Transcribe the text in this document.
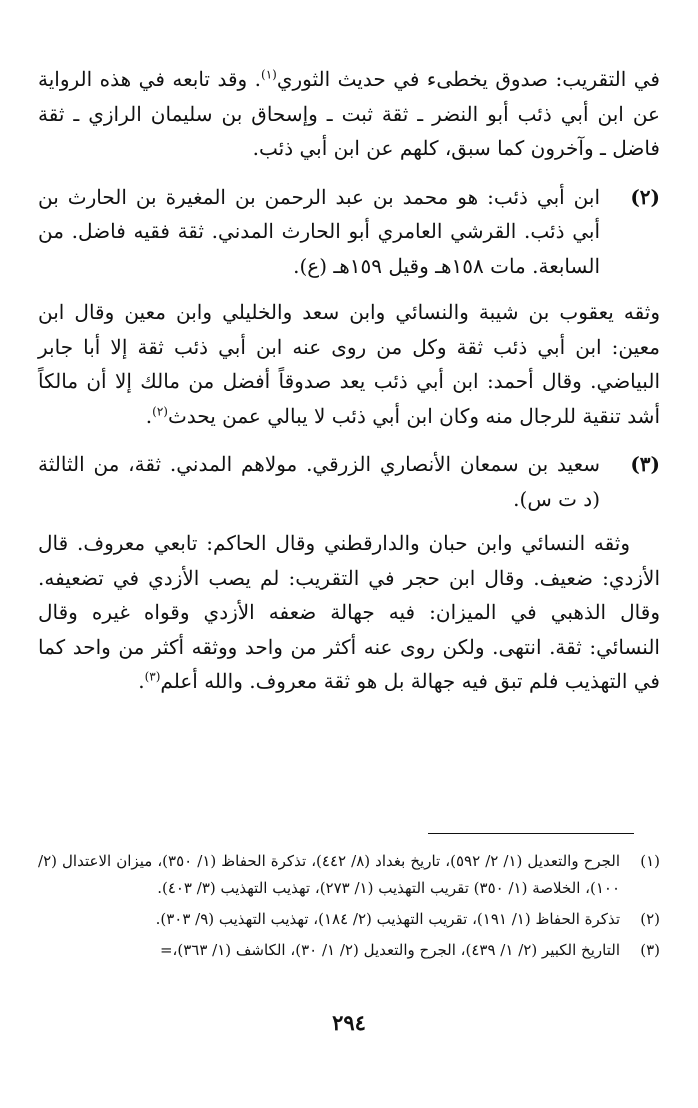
في التقريب: صدوق يخطىء في حديث الثوري$^{(١)}$. وقد تابعه في هذه الرواية عن ابن أبي ذئب أبو النضر ـ ثقة ثبت ـ وإسحاق بن سليمان الرازي ـ ثقة فاضل ـ وآخرون كما سبق، كلهم عن ابن أبي ذئب.

(٢)

ابن أبي ذئب: هو محمد بن عبد الرحمن بن المغيرة بن الحارث بن أبي ذئب. القرشي العامري أبو الحارث المدني. ثقة فقيه فاضل. من السابعة. مات ١٥٨هـ وقيل ١٥٩هـ (ع).

وثقه يعقوب بن شيبة والنسائي وابن سعد والخليلي وابن معين وقال ابن معين: ابن أبي ذئب ثقة وكل من روى عنه ابن أبي ذئب ثقة إلا أبا جابر البياضي. وقال أحمد: ابن أبي ذئب يعد صدوقاً أفضل من مالك إلا أن مالكاً أشد تنقية للرجال منه وكان ابن أبي ذئب لا يبالي عمن يحدث$^{(٢)}$.

(٣)

سعيد بن سمعان الأنصاري الزرقي. مولاهم المدني. ثقة، من الثالثة (د ت س).

وثقه النسائي وابن حبان والدارقطني وقال الحاكم: تابعي معروف. قال الأزدي: ضعيف. وقال ابن حجر في التقريب: لم يصب الأزدي في تضعيفه. وقال الذهبي في الميزان: فيه جهالة ضعفه الأزدي وقواه غيره وقال النسائي: ثقة. انتهى. ولكن روى عنه أكثر من واحد ووثقه أكثر من واحد كما في التهذيب فلم تبق فيه جهالة بل هو ثقة معروف. والله أعلم$^{(٣)}$.

(١)
الجرح والتعديل (١/ ٢/ ٥٩٢)، تاريخ بغداد (٨/ ٤٤٢)، تذكرة الحفاظ (١/ ٣٥٠)، ميزان الاعتدال (٢/ ١٠٠)، الخلاصة (١/ ٣٥٠) تقريب التهذيب (١/ ٢٧٣)، تهذيب التهذيب (٣/ ٤٠٣).
(٢)
تذكرة الحفاظ (١/ ١٩١)، تقريب التهذيب (٢/ ١٨٤)، تهذيب التهذيب (٩/ ٣٠٣).
(٣)
التاريخ الكبير (٢/ ١/ ٤٣٩)، الجرح والتعديل (٢/ ١/ ٣٠)، الكاشف (١/ ٣٦٣)،=
٢٩٤
